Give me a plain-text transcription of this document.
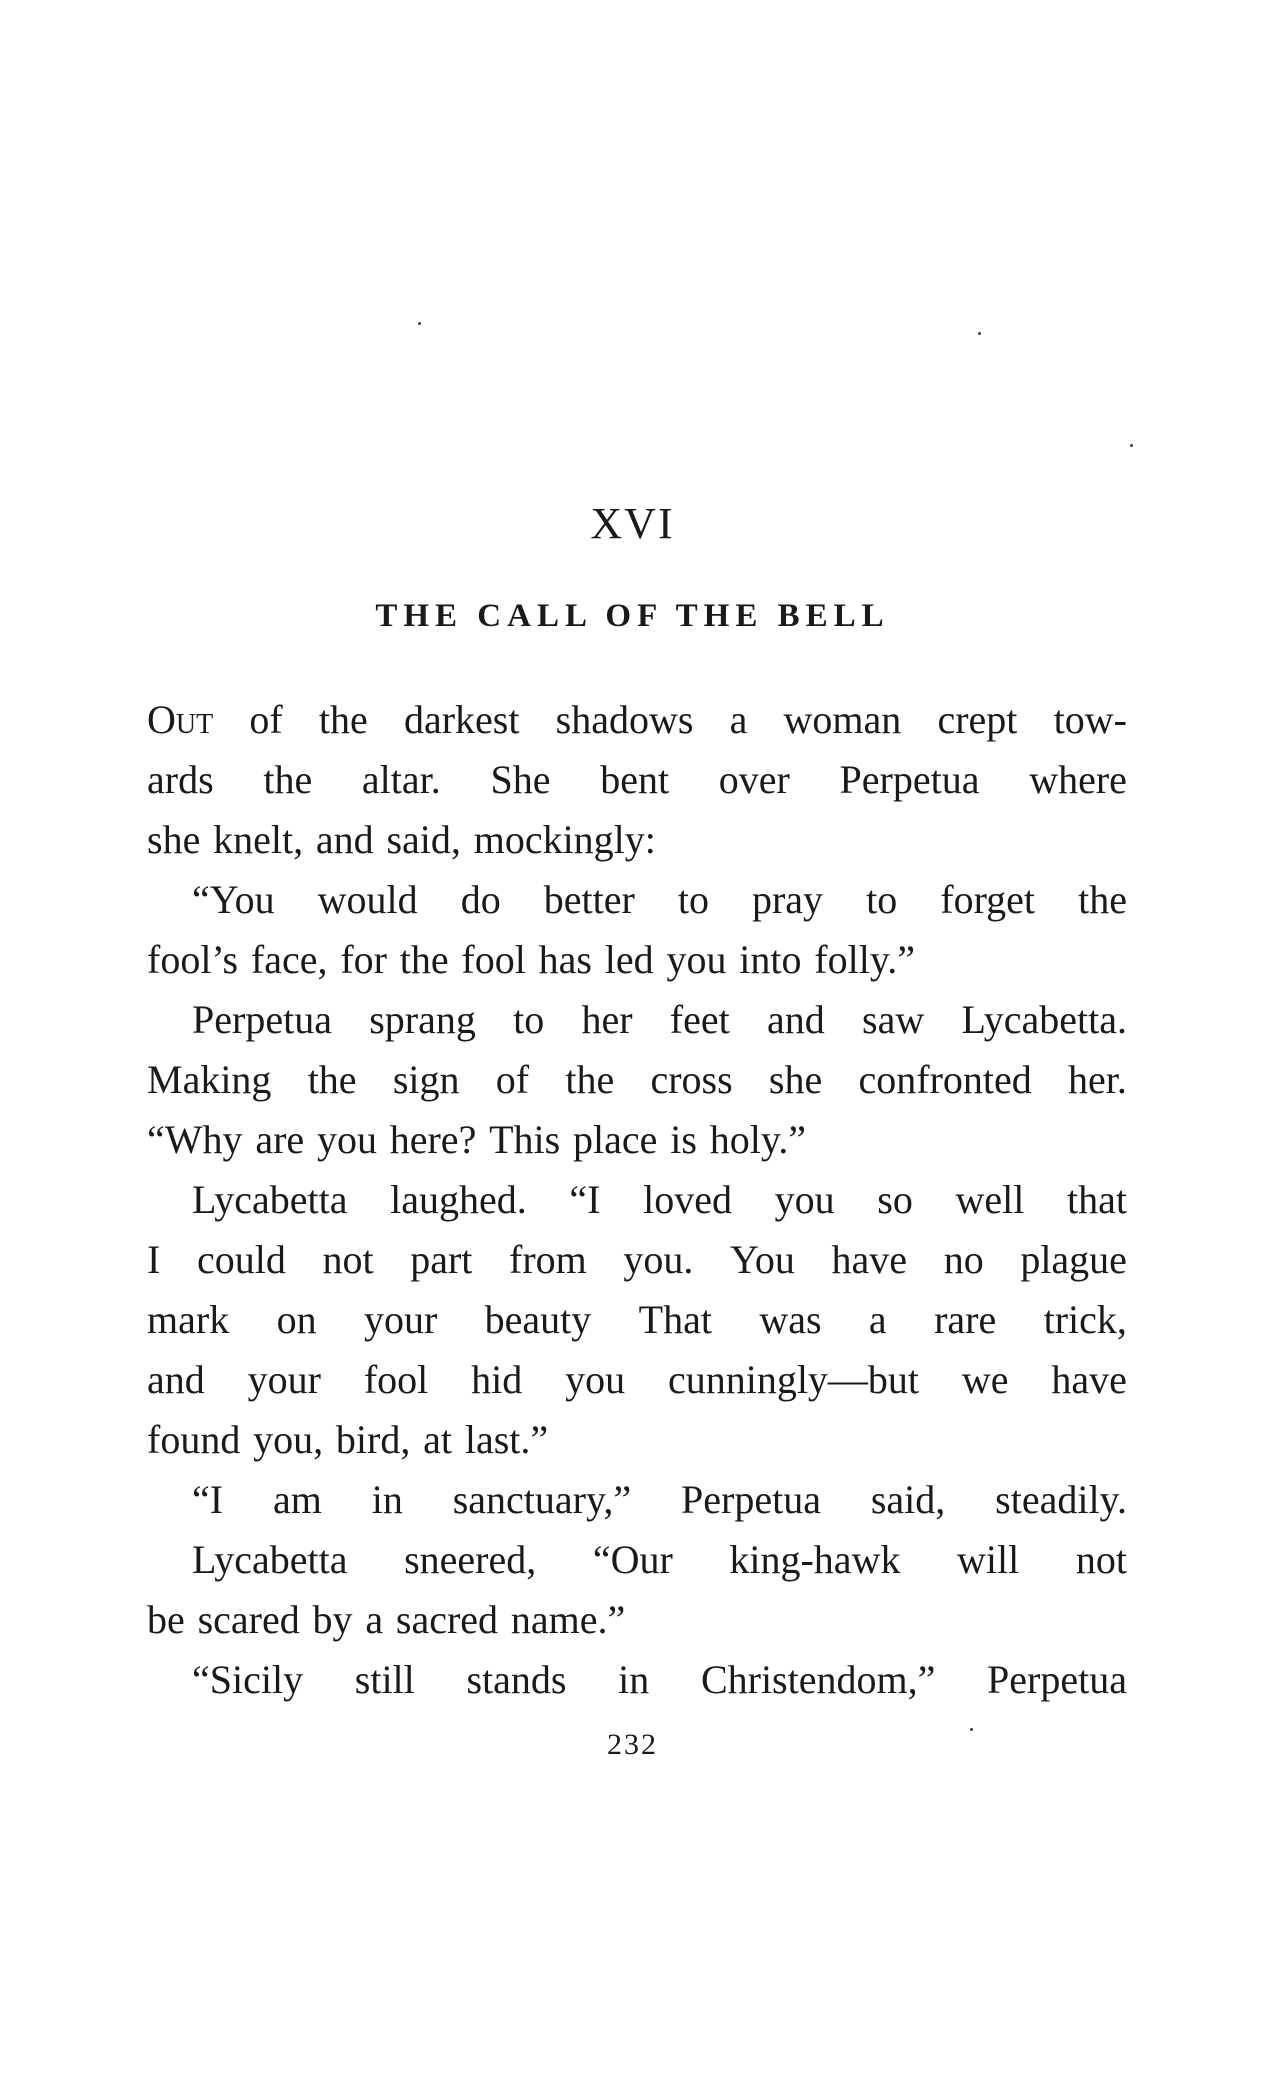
XVI
THE CALL OF THE BELL
Out of the darkest shadows a woman crept tow-
ards the altar. She bent over Perpetua where
she knelt, and said, mockingly:
“You would do better to pray to forget the
fool’s face, for the fool has led you into folly.”
Perpetua sprang to her feet and saw Lycabetta.
Making the sign of the cross she confronted her.
“Why are you here? This place is holy.”
Lycabetta laughed. “I loved you so well that
I could not part from you. You have no plague
mark on your beauty That was a rare trick,
and your fool hid you cunningly—but we have
found you, bird, at last.”
“I am in sanctuary,” Perpetua said, steadily.
Lycabetta sneered, “Our king-hawk will not
be scared by a sacred name.”
“Sicily still stands in Christendom,” Perpetua
232
